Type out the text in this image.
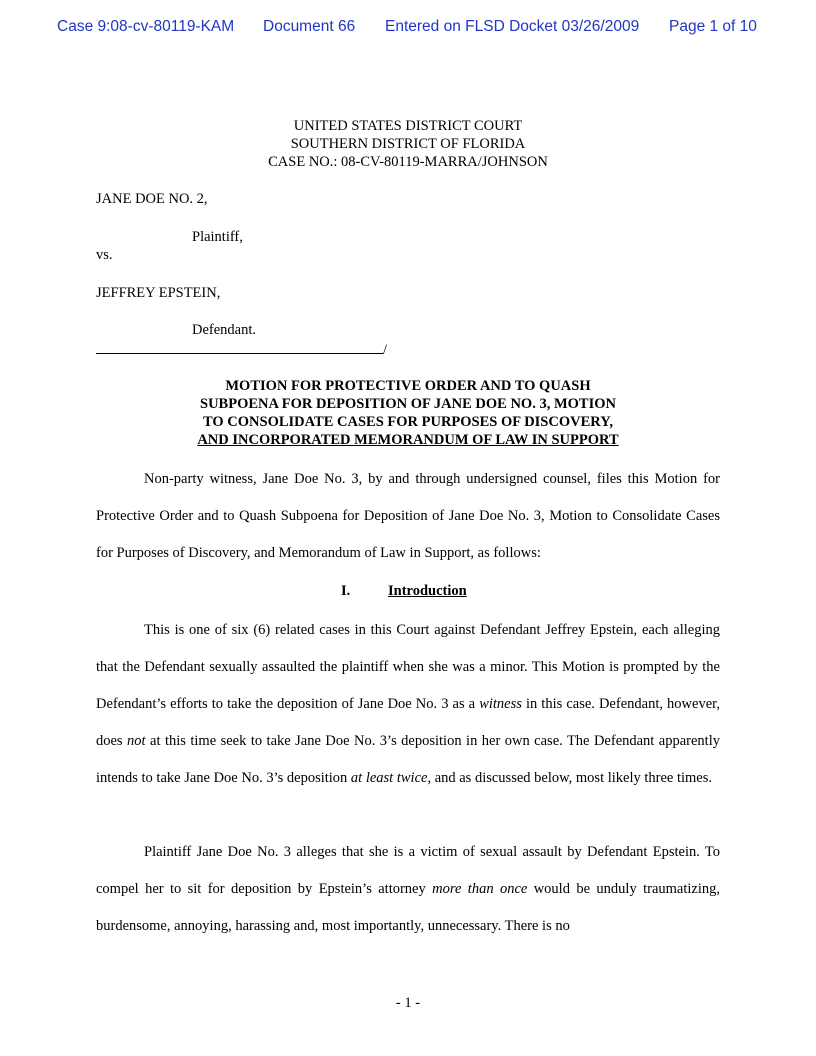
Case 9:08-cv-80119-KAM Document 66 Entered on FLSD Docket 03/26/2009 Page 1 of 10
UNITED STATES DISTRICT COURT
SOUTHERN DISTRICT OF FLORIDA
CASE NO.: 08-CV-80119-MARRA/JOHNSON
JANE DOE NO. 2,
Plaintiff,
vs.
JEFFREY EPSTEIN,
Defendant.
/
MOTION FOR PROTECTIVE ORDER AND TO QUASH
SUBPOENA FOR DEPOSITION OF JANE DOE NO. 3, MOTION
TO CONSOLIDATE CASES FOR PURPOSES OF DISCOVERY,
AND INCORPORATED MEMORANDUM OF LAW IN SUPPORT

Non-party witness, Jane Doe No. 3, by and through undersigned counsel, files this Motion for Protective Order and to Quash Subpoena for Deposition of Jane Doe No. 3, Motion to Consolidate Cases for Purposes of Discovery, and Memorandum of Law in Support, as follows:

I.	Introduction

This is one of six (6) related cases in this Court against Defendant Jeffrey Epstein, each alleging that the Defendant sexually assaulted the plaintiff when she was a minor. This Motion is prompted by the Defendant’s efforts to take the deposition of Jane Doe No. 3 as a witness in this case. Defendant, however, does not at this time seek to take Jane Doe No. 3’s deposition in her own case. The Defendant apparently intends to take Jane Doe No. 3’s deposition at least twice, and as discussed below, most likely three times.

Plaintiff Jane Doe No. 3 alleges that she is a victim of sexual assault by Defendant Epstein. To compel her to sit for deposition by Epstein’s attorney more than once would be unduly traumatizing, burdensome, annoying, harassing and, most importantly, unnecessary. There is no

- 1 -
